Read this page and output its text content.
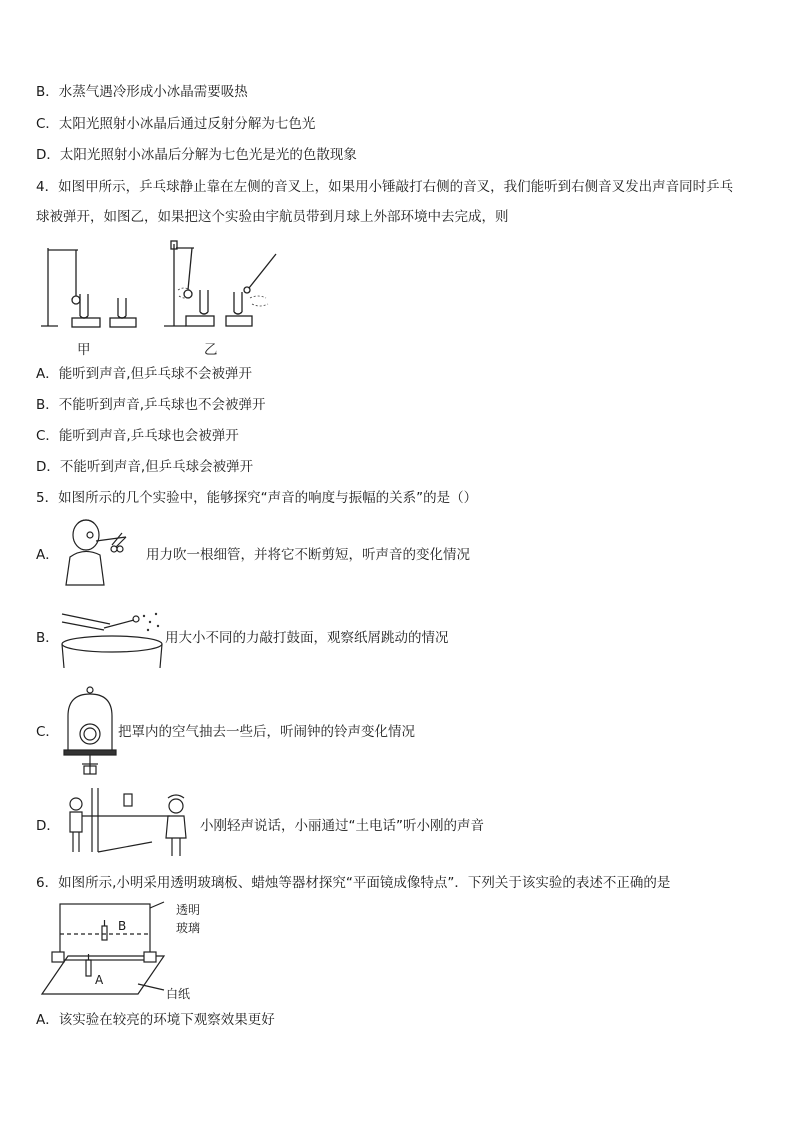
B．水蒸气遇冷形成小冰晶需要吸热
C．太阳光照射小冰晶后通过反射分解为七色光
D．太阳光照射小冰晶后分解为七色光是光的色散现象
4．如图甲所示，乒乓球静止靠在左侧的音叉上，如果用小锤敲打右侧的音叉，我们能听到右侧音叉发出声音同时乒乓
球被弹开，如图乙，如果把这个实验由宇航员带到月球上外部环境中去完成，则
甲	乙
A．能听到声音,但乒乓球不会被弹开
B．不能听到声音,乒乓球也不会被弹开
C．能听到声音,乒乓球也会被弹开
D．不能听到声音,但乒乓球会被弹开
5．如图所示的几个实验中，能够探究“声音的响度与振幅的关系”的是（）
A．	用力吹一根细管，并将它不断剪短，听声音的变化情况
B．	用大小不同的力敲打鼓面，观察纸屑跳动的情况
C．	把罩内的空气抽去一些后，听闹钟的铃声变化情况
D．	小刚轻声说话，小丽通过“土电话”听小刚的声音
6．如图所示,小明采用透明玻璃板、蜡烛等器材探究“平面镜成像特点”．下列关于该实验的表述不正确的是
B
A
透明
玻璃
白纸
A．该实验在较亮的环境下观察效果更好
